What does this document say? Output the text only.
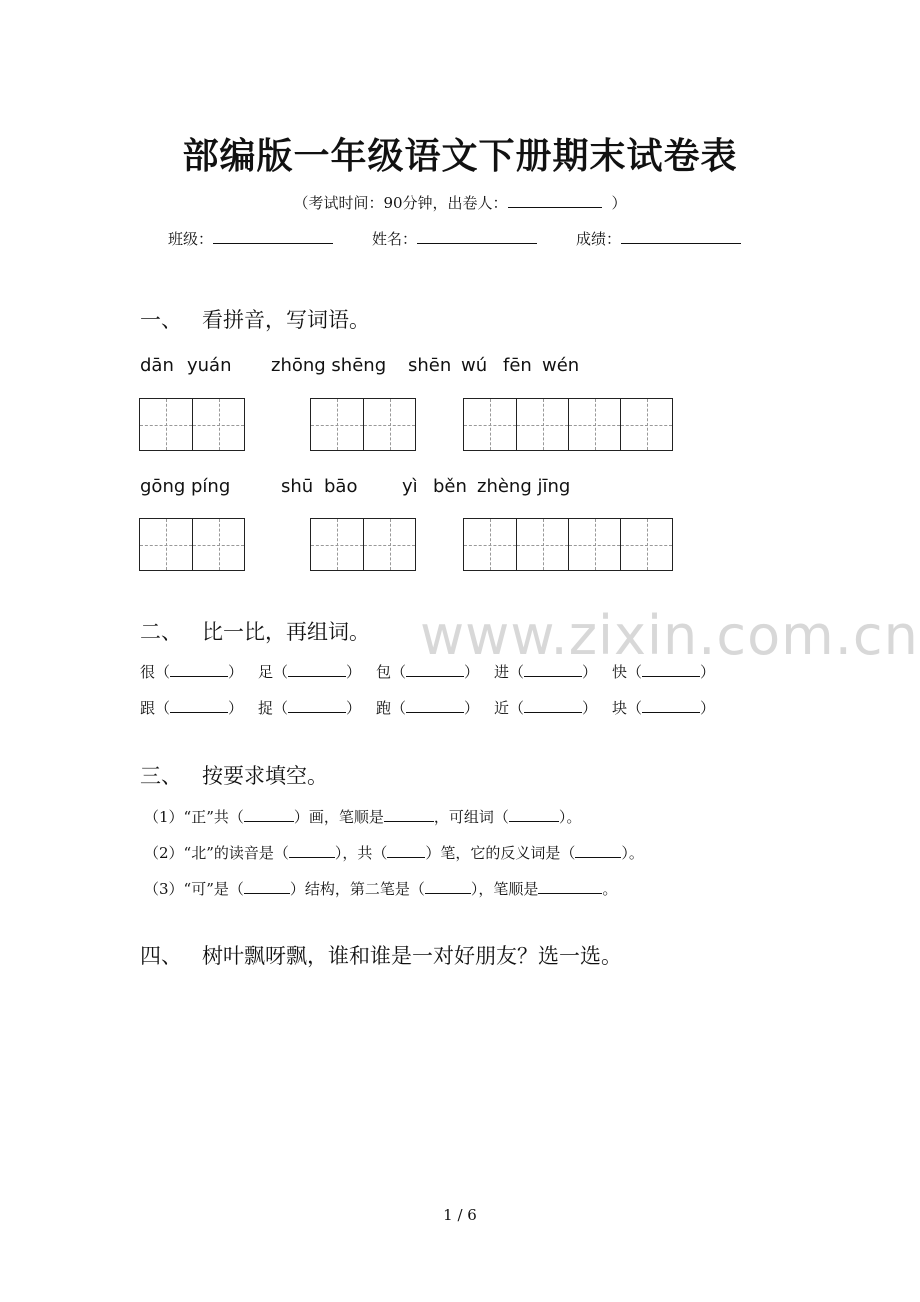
部编版一年级语文下册期末试卷表
（考试时间：90分钟，出卷人：	）
班级：	姓名：	成绩：
一、 看拼音，写词语。
dān yuán zhōng shēng shēn wú fēn wén
gōng píng	shū bāo yì běn zhèng jīng
www.zixin.com.cn
二、 比一比，再组词。
很（	） 足（	） 包（	） 进（	） 快（	）
跟（	） 捉（	） 跑（	） 近（	） 块（	）
三、 按要求填空。
（1）“正”共（	）画，笔顺是	，可组词（	）。
（2）“北”的读音是（	），共（	）笔，它的反义词是（	）。
（3）“可”是（	）结构，第二笔是（	），笔顺是	。
四、 树叶飘呀飘，谁和谁是一对好朋友？选一选。
1 / 6
